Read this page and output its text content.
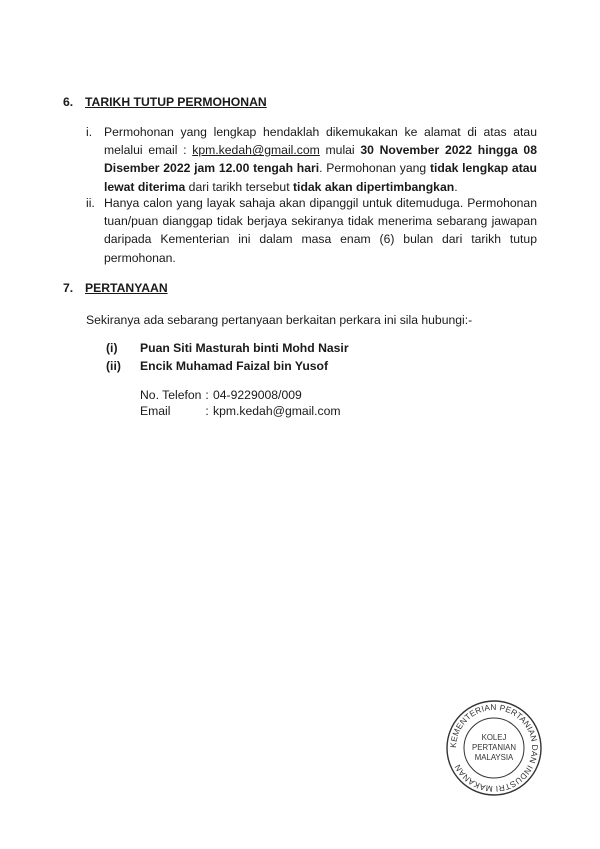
6. TARIKH TUTUP PERMOHONAN
i. Permohonan yang lengkap hendaklah dikemukakan ke alamat di atas atau melalui email : kpm.kedah@gmail.com mulai 30 November 2022 hingga 08 Disember 2022 jam 12.00 tengah hari. Permohonan yang tidak lengkap atau lewat diterima dari tarikh tersebut tidak akan dipertimbangkan.
ii. Hanya calon yang layak sahaja akan dipanggil untuk ditemuduga. Permohonan tuan/puan dianggap tidak berjaya sekiranya tidak menerima sebarang jawapan daripada Kementerian ini dalam masa enam (6) bulan dari tarikh tutup permohonan.
7. PERTANYAAN
Sekiranya ada sebarang pertanyaan berkaitan perkara ini sila hubungi:-
(i) Puan Siti Masturah binti Mohd Nasir
(ii) Encik Muhamad Faizal bin Yusof
No. Telefon : 04-9229008/009
Email	: kpm.kedah@gmail.com
KEMENTERIAN PERTANIAN DAN INDUSTRI MAKANAN
KOLEJ
PERTANIAN
MALAYSIA
